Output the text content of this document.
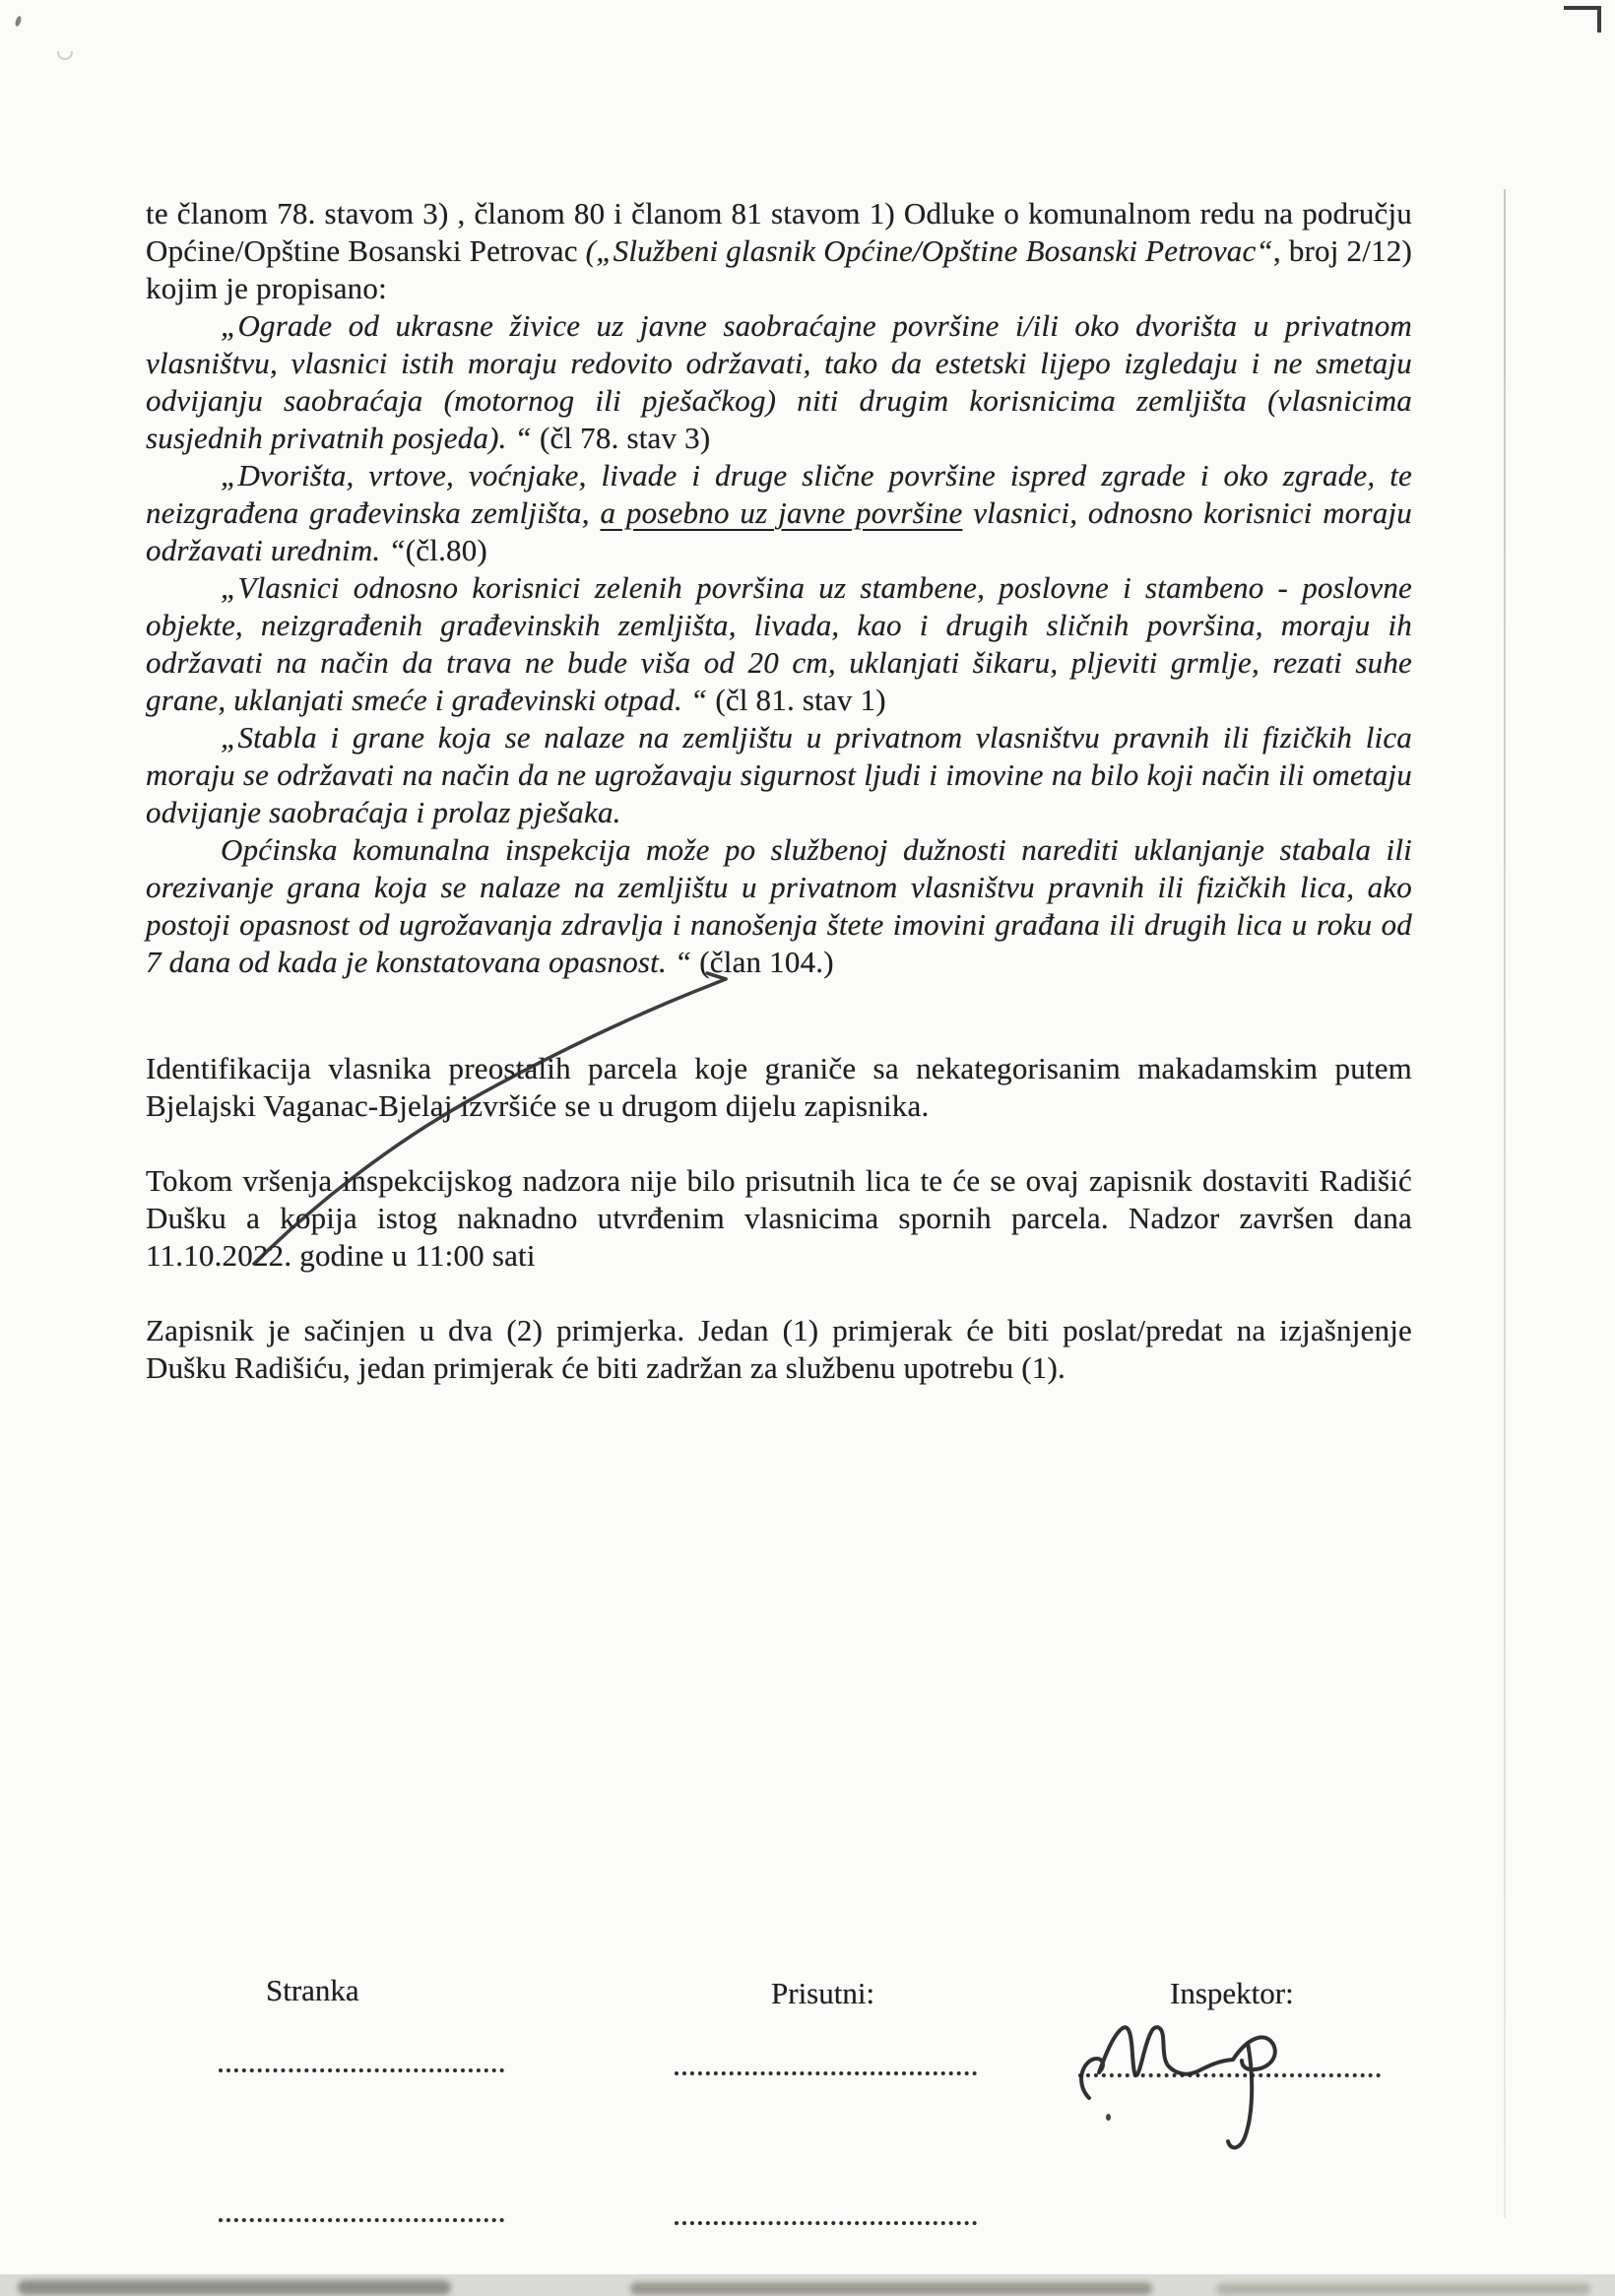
te članom 78. stavom 3) , članom 80 i članom 81 stavom 1) Odluke o komunalnom redu na području Općine/Opštine Bosanski Petrovac („Službeni glasnik Općine/Opštine Bosanski Petrovac“, broj 2/12) kojim je propisano:

„Ograde od ukrasne živice uz javne saobraćajne površine i/ili oko dvorišta u privatnom vlasništvu, vlasnici istih moraju redovito održavati, tako da estetski lijepo izgledaju i ne smetaju odvijanju saobraćaja (motornog ili pješačkog) niti drugim korisnicima zemljišta (vlasnicima susjednih privatnih posjeda). “ (čl 78. stav 3)

„Dvorišta, vrtove, voćnjake, livade i druge slične površine ispred zgrade i oko zgrade, te neizgrađena građevinska zemljišta, a posebno uz javne površine vlasnici, odnosno korisnici moraju održavati urednim. “(čl.80)

„Vlasnici odnosno korisnici zelenih površina uz stambene, poslovne i stambeno - poslovne objekte, neizgrađenih građevinskih zemljišta, livada, kao i drugih sličnih površina, moraju ih održavati na način da trava ne bude viša od 20 cm, uklanjati šikaru, pljeviti grmlje, rezati suhe grane, uklanjati smeće i građevinski otpad. “ (čl 81. stav 1)

„Stabla i grane koja se nalaze na zemljištu u privatnom vlasništvu pravnih ili fizičkih lica moraju se održavati na način da ne ugrožavaju sigurnost ljudi i imovine na bilo koji način ili ometaju odvijanje saobraćaja i prolaz pješaka.

Općinska komunalna inspekcija može po službenoj dužnosti narediti uklanjanje stabala ili orezivanje grana koja se nalaze na zemljištu u privatnom vlasništvu pravnih ili fizičkih lica, ako postoji opasnost od ugrožavanja zdravlja i nanošenja štete imovini građana ili drugih lica u roku od 7 dana od kada je konstatovana opasnost. “ (član 104.)

Identifikacija vlasnika preostalih parcela koje graniče sa nekategorisanim makadamskim putem Bjelajski Vaganac-Bjelaj izvršiće se u drugom dijelu zapisnika.

Tokom vršenja inspekcijskog nadzora nije bilo prisutnih lica te će se ovaj zapisnik dostaviti Radišić Dušku a kopija istog naknadno utvrđenim vlasnicima spornih parcela. Nadzor završen dana 11.10.2022. godine u 11:00 sati

Zapisnik je sačinjen u dva (2) primjerka. Jedan (1) primjerak će biti poslat/predat na izjašnjenje Dušku Radišiću, jedan primjerak će biti zadržan za službenu upotrebu (1).

Stranka	Prisutni:	Inspektor:
